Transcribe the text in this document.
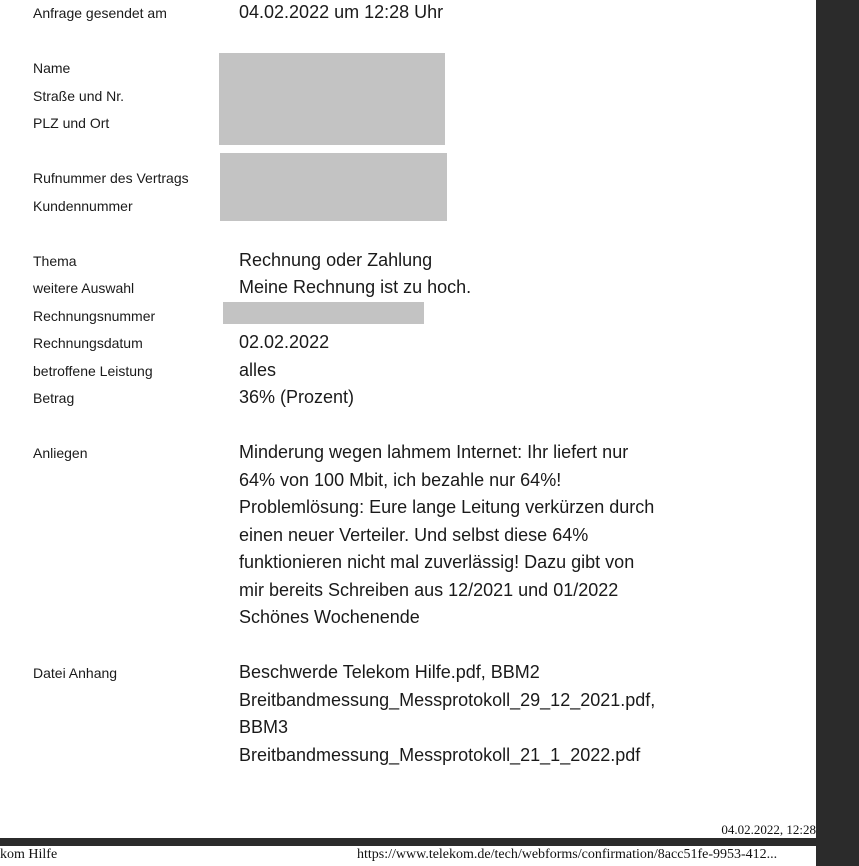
Anfrage gesendet am	04.02.2022 um 12:28 Uhr
Name
Straße und Nr.
PLZ und Ort
Rufnummer des Vertrags
Kundennummer
Thema	Rechnung oder Zahlung
weitere Auswahl	Meine Rechnung ist zu hoch.
Rechnungsnummer
Rechnungsdatum	02.02.2022
betroffene Leistung	alles
Betrag	36% (Prozent)
Anliegen	Minderung wegen lahmem Internet: Ihr liefert nur
64% von 100 Mbit, ich bezahle nur 64%!
Problemlösung: Eure lange Leitung verkürzen durch
einen neuer Verteiler. Und selbst diese 64%
funktionieren nicht mal zuverlässig! Dazu gibt von
mir bereits Schreiben aus 12/2021 und 01/2022
Schönes Wochenende
Datei Anhang	Beschwerde Telekom Hilfe.pdf, BBM2
Breitbandmessung_Messprotokoll_29_12_2021.pdf,
BBM3
Breitbandmessung_Messprotokoll_21_1_2022.pdf
04.02.2022, 12:28
kom Hilfe	https://www.telekom.de/tech/webforms/confirmation/8acc51fe-9953-412...
